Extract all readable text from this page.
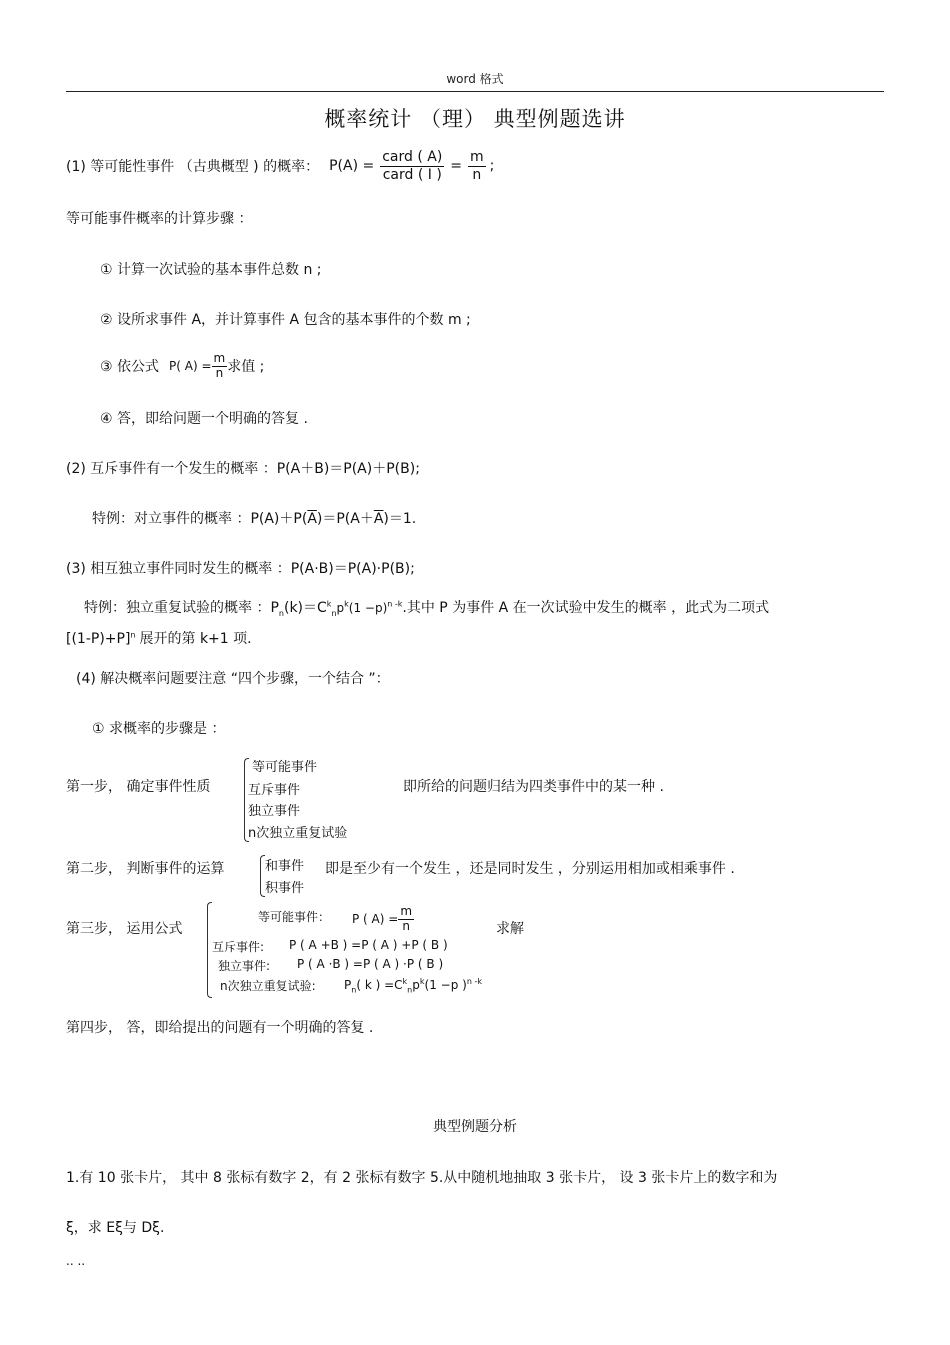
word 格式
概率统计 （理） 典型例题选讲
(1) 等可能性事件 （古典概型 ) 的概率： $P(A) = \frac{\text{card ( A)}}{\text{card ( I )}} = \frac{m}{n}$ ;
等可能事件概率的计算步骤 ：
① 计算一次试验的基本事件总数 n ;
② 设所求事件 A，并计算事件 A 包含的基本事件的个数 m ;
③ 依公式 P( $A) = \frac{m}{n}$ 求值 ;
④ 答，即给问题一个明确的答复 .
(2) 互斥事件有一个发生的概率 ：P(A＋B)＝P(A)＋P(B);
特例：对立事件的概率 ：$P(A)+P(\overline{A})=P(A+\overline{A})=1$.
(3) 相互独立事件同时发生的概率 ：P(A·B)＝P(A)·P(B);
特例：独立重复试验的概率 ：$P_n(k)=C^k_np^k(1 -p)^{n -k}$.其中 P 为事件 A 在一次试验中发生的概率 ，此式为二项式
$[(1-P)+P]^n$ 展开的第 k+1 项.
(4) 解决概率问题要注意 “四个步骤，一个结合 ”：
① 求概率的步骤是 ：
第一步， 确定事件性质
等可能事件
互斥事件
独立事件
n次独立重复试验
即所给的问题归结为四类事件中的某一种 .
第二步， 判断事件的运算	和事件
积事件
即是至少有一个发生 ，还是同时发生 ，分别运用相加或相乘事件 .
第三步， 运用公式
等可能事件： P ( $A) = \frac{m}{n}$
互斥事件: P ( A +B ) =P ( A ) +P ( B )
独立事件: P ( A ·B ) =P ( A ) ·P ( B )
n次独立重复试验: $P_n$( k ) $=C^k_np^k(1 -p$ )$^{n -k}$
求解
第四步， 答，即给提出的问题有一个明确的答复 .
典型例题分析
1.有 10 张卡片， 其中 8 张标有数字 2，有 2 张标有数字 5.从中随机地抽取 3 张卡片， 设 3 张卡片上的数字和为
ξ，求 Eξ与 Dξ.
.. ..
